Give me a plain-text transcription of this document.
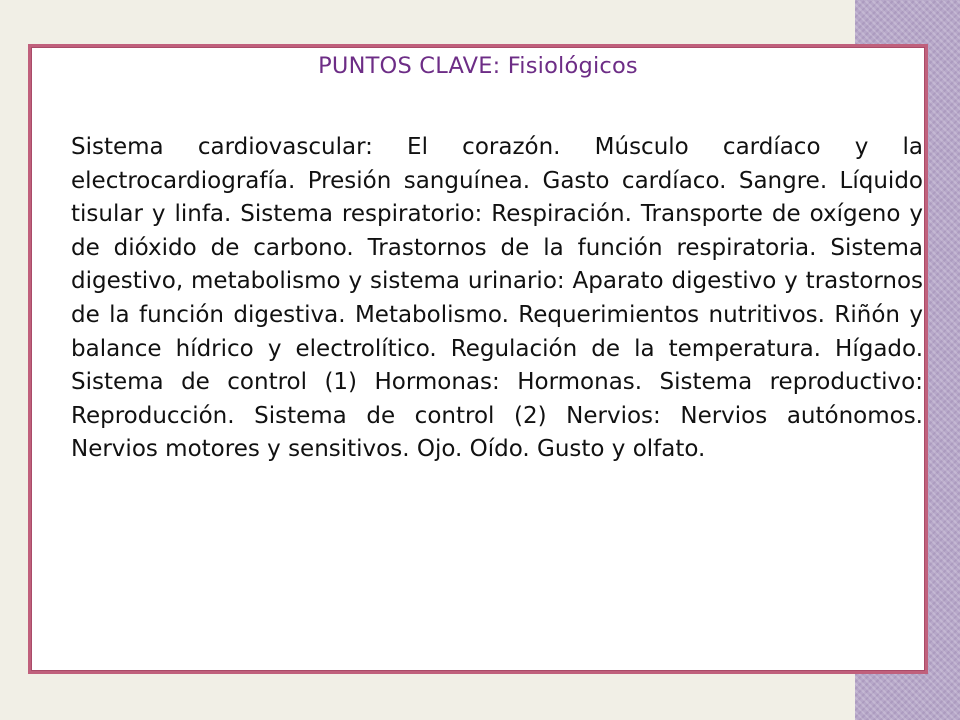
PUNTOS CLAVE: Fisiológicos

Sistema cardiovascular: El corazón. Músculo cardíaco y la electrocardiografía. Presión sanguínea. Gasto cardíaco. Sangre. Líquido tisular y linfa. Sistema respiratorio: Respiración. Transporte de oxígeno y de dióxido de carbono. Trastornos de la función respiratoria. Sistema digestivo, metabolismo y sistema urinario: Aparato digestivo y trastornos de la función digestiva. Metabolismo. Requerimientos nutritivos. Riñón y balance hídrico y electrolítico. Regulación de la temperatura. Hígado. Sistema de control (1) Hormonas: Hormonas. Sistema reproductivo: Reproducción. Sistema de control (2) Nervios: Nervios autónomos. Nervios motores y sensitivos. Ojo. Oído. Gusto y olfato.
